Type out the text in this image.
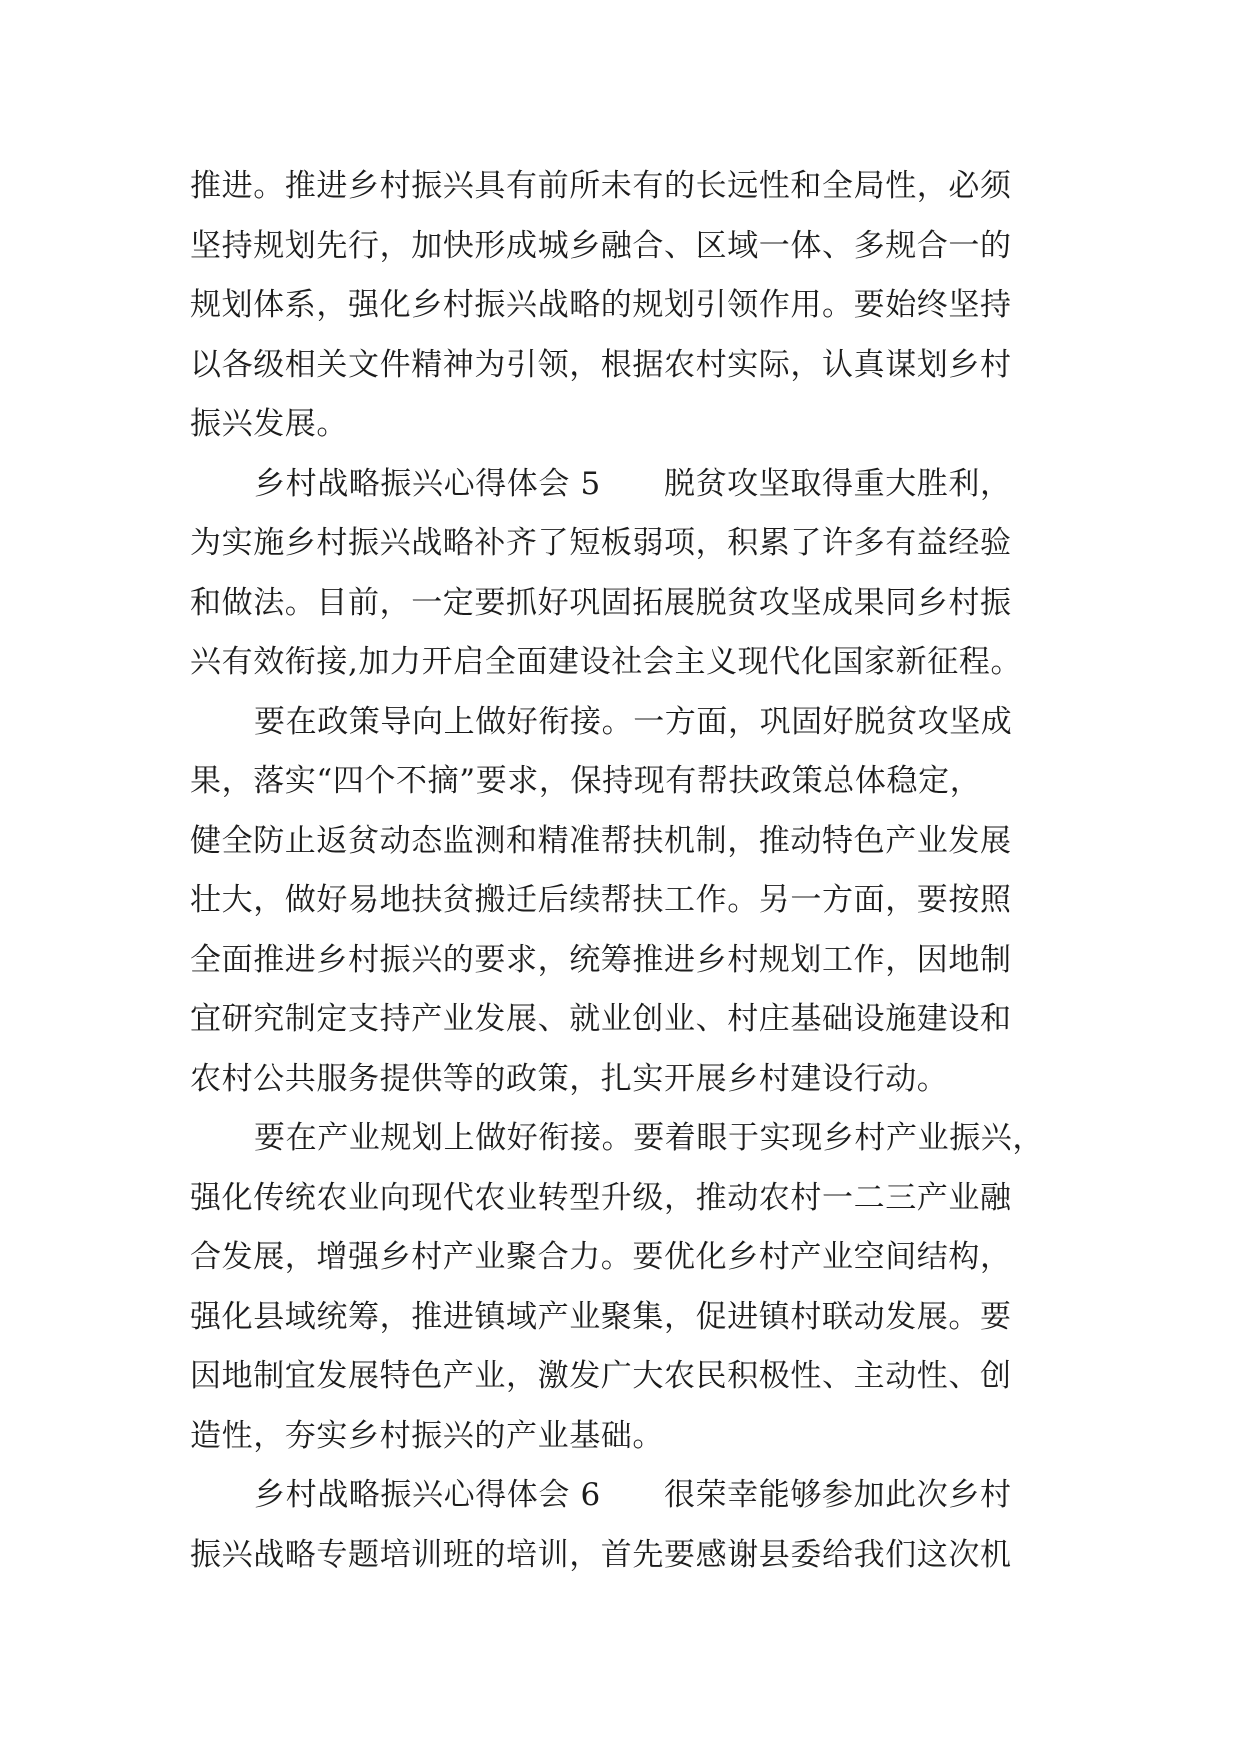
推进。推进乡村振兴具有前所未有的长远性和全局性，必须
坚持规划先行，加快形成城乡融合、区域一体、多规合一的
规划体系，强化乡村振兴战略的规划引领作用。要始终坚持
以各级相关文件精神为引领，根据农村实际，认真谋划乡村
振兴发展。
乡村战略振兴心得体会 5　　脱贫攻坚取得重大胜利，
为实施乡村振兴战略补齐了短板弱项，积累了许多有益经验
和做法。目前，一定要抓好巩固拓展脱贫攻坚成果同乡村振
兴有效衔接,加力开启全面建设社会主义现代化国家新征程。
要在政策导向上做好衔接。一方面，巩固好脱贫攻坚成
果，落实“四个不摘”要求，保持现有帮扶政策总体稳定，
健全防止返贫动态监测和精准帮扶机制，推动特色产业发展
壮大，做好易地扶贫搬迁后续帮扶工作。另一方面，要按照
全面推进乡村振兴的要求，统筹推进乡村规划工作，因地制
宜研究制定支持产业发展、就业创业、村庄基础设施建设和
农村公共服务提供等的政策，扎实开展乡村建设行动。
要在产业规划上做好衔接。要着眼于实现乡村产业振兴，
强化传统农业向现代农业转型升级，推动农村一二三产业融
合发展，增强乡村产业聚合力。要优化乡村产业空间结构，
强化县域统筹，推进镇域产业聚集，促进镇村联动发展。要
因地制宜发展特色产业，激发广大农民积极性、主动性、创
造性，夯实乡村振兴的产业基础。
乡村战略振兴心得体会 6　　很荣幸能够参加此次乡村
振兴战略专题培训班的培训，首先要感谢县委给我们这次机
